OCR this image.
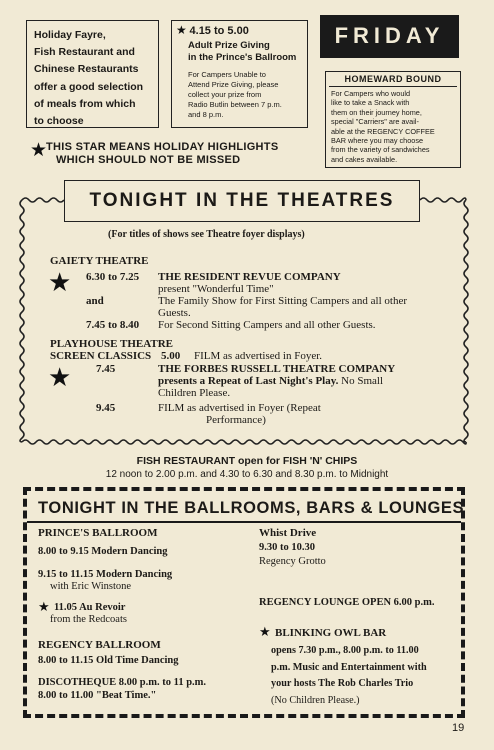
Holiday Fayre,
Fish Restaurant and
Chinese Restaurants
offer a good selection
of meals from which
to choose
★ 4.15 to 5.00
Adult Prize Giving
in the Prince's Ballroom
For Campers Unable to
Attend Prize Giving, please
collect your prize from
Radio Butlin between 7 p.m.
and 8 p.m.
FRIDAY
HOMEWARD BOUND
For Campers who would
like to take a Snack with
them on their journey home,
special "Carriers" are avail-
able at the REGENCY COFFEE
BAR where you may choose
from the variety of sandwiches
and cakes available.
★
THIS STAR MEANS HOLIDAY HIGHLIGHTS
WHICH SHOULD NOT BE MISSED
TONIGHT IN THE THEATRES
(For titles of shows see Theatre foyer displays)
GAIETY THEATRE
★ 6.30 to 7.25 THE RESIDENT REVUE COMPANY
present "Wonderful Time"
and	The Family Show for First Sitting Campers and all other
Guests.
7.45 to 8.40 For Second Sitting Campers and all other Guests.
PLAYHOUSE THEATRE
SCREEN CLASSICS 5.00 FILM as advertised in Foyer.
★ 7.45	THE FORBES RUSSELL THEATRE COMPANY
presents a Repeat of Last Night's Play. No Small
Children Please.
9.45	FILM as advertised in Foyer (Repeat
Performance)
FISH RESTAURANT open for FISH 'N' CHIPS
12 noon to 2.00 p.m. and 4.30 to 6.30 and 8.30 p.m. to Midnight
TONIGHT IN THE BALLROOMS, BARS & LOUNGES
PRINCE'S BALLROOM
8.00 to 9.15 Modern Dancing
9.15 to 11.15 Modern Dancing
with Eric Winstone
★ 11.05 Au Revoir
from the Redcoats
REGENCY BALLROOM
8.00 to 11.15 Old Time Dancing
DISCOTHEQUE 8.00 p.m. to 11 p.m.
8.00 to 11.00 "Beat Time."
Whist Drive
9.30 to 10.30
Regency Grotto
REGENCY LOUNGE OPEN 6.00 p.m.
★ BLINKING OWL BAR
opens 7.30 p.m., 8.00 p.m. to 11.00
p.m. Music and Entertainment with
your hosts The Rob Charles Trio
(No Children Please.)
19
